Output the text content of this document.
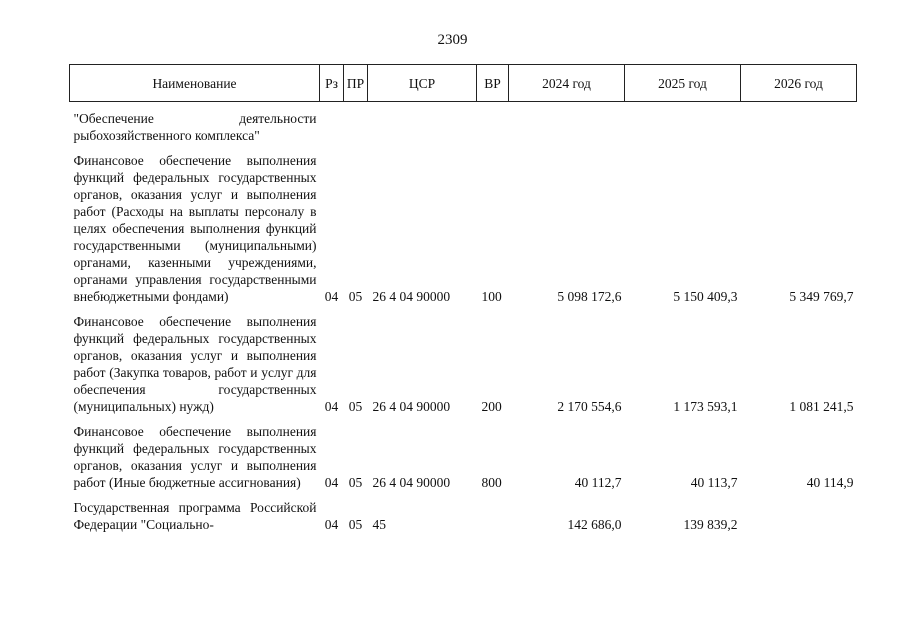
2309
Наименование	Рз	ПР	ЦСР	ВР	2024 год	2025 год	2026 год

"Обеспечение деятельности рыбохозяйственного комплекса"							

Финансовое обеспечение выполнения функций федеральных государственных органов, оказания услуг и выполнения работ (Расходы на выплаты персоналу в целях обеспечения выполнения функций государственными (муниципальными) органами, казенными учреждениями, органами управления государственными внебюджетными фондами)	04	05	26 4 04 90000	100	5 098 172,6	5 150 409,3	5 349 769,7

Финансовое обеспечение выполнения функций федеральных государственных органов, оказания услуг и выполнения работ (Закупка товаров, работ и услуг для обеспечения государственных (муниципальных) нужд)	04	05	26 4 04 90000	200	2 170 554,6	1 173 593,1	1 081 241,5

Финансовое обеспечение выполнения функций федеральных государственных органов, оказания услуг и выполнения работ (Иные бюджетные ассигнования)	04	05	26 4 04 90000	800	40 112,7	40 113,7	40 114,9

Государственная программа Российской Федерации "Социально-	04	05	45		142 686,0	139 839,2	
